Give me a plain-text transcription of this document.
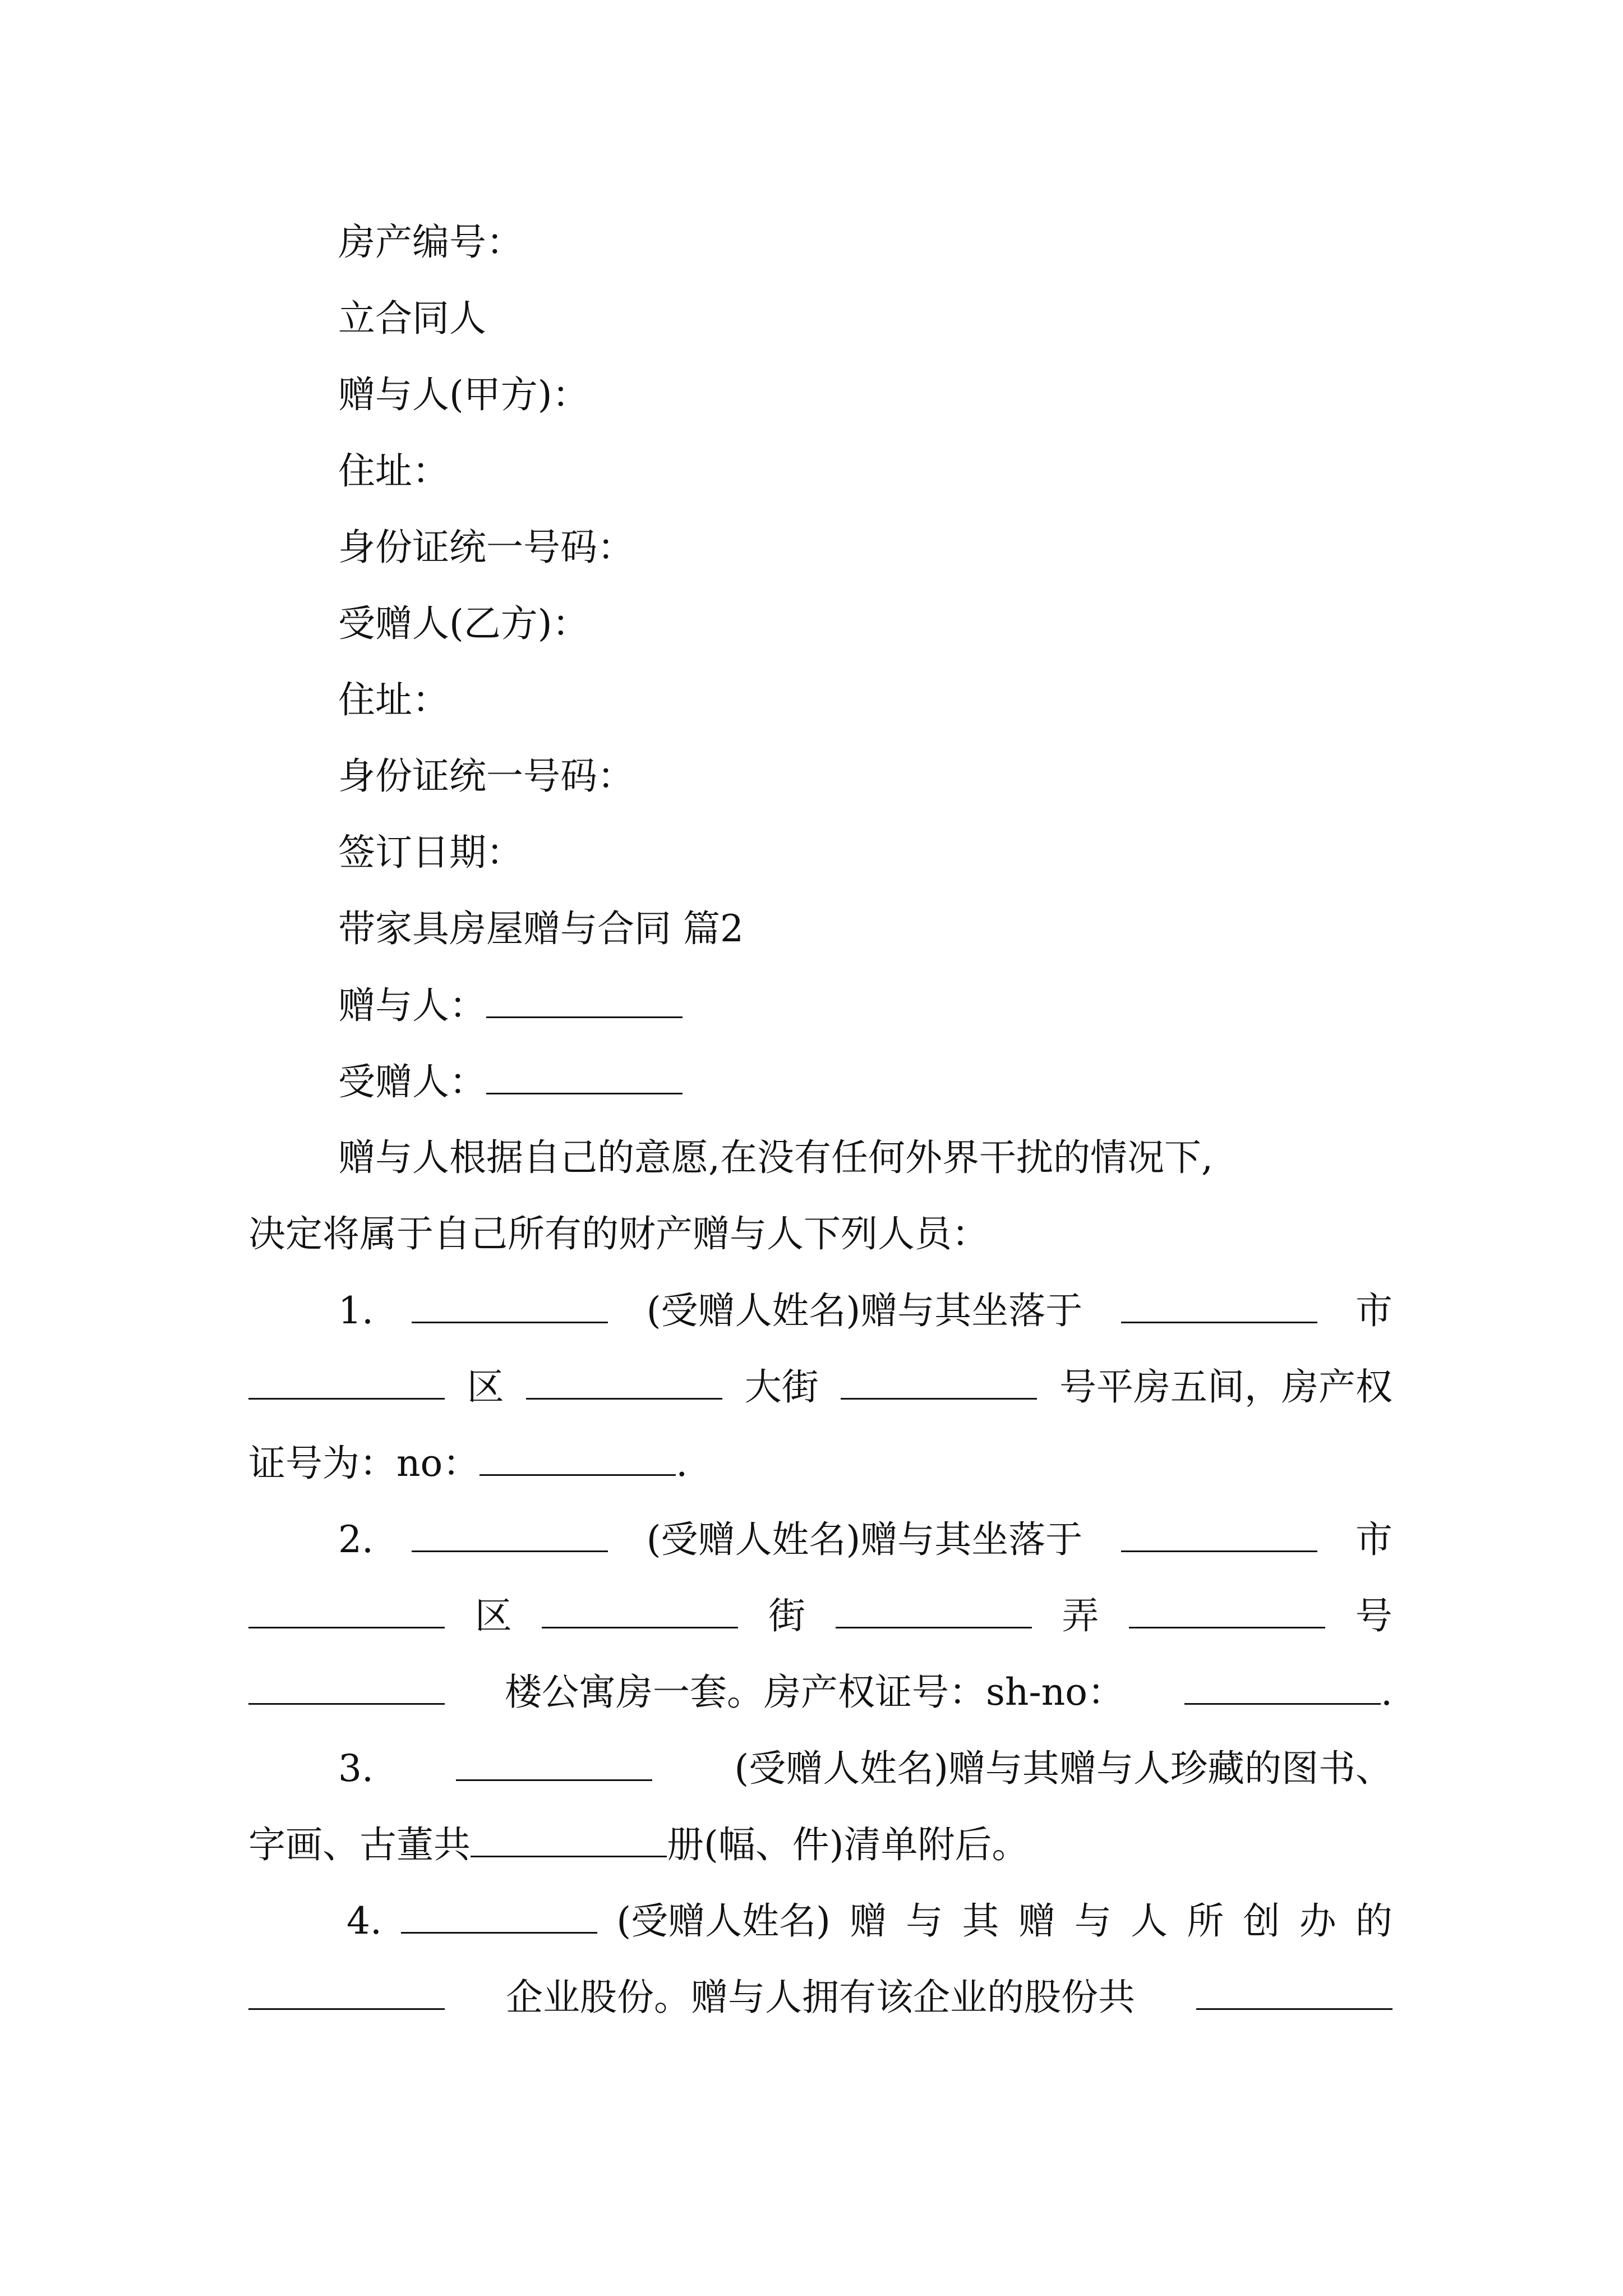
房产编号：
立合同人
赠与人(甲方)：
住址：
身份证统一号码：
受赠人(乙方)：
住址：
身份证统一号码：
签订日期：
带家具房屋赠与合同 篇2
赠与人：
受赠人：
赠与人根据自己的意愿,在没有任何外界干扰的情况下,
决定将属于自己所有的财产赠与人下列人员：
1.	(受赠人姓名)赠与其坐落于	市
区	大街	号平房五间，房产权
证号为：no：	.
2.	(受赠人姓名)赠与其坐落于	市
区	街	弄	号
楼公寓房一套。房产权证号：sh-no：	.
3.	(受赠人姓名)赠与其赠与人珍藏的图书、
字画、古董共	册(幅、件)清单附后。
4.	(受赠人姓名) 赠 与 其 赠 与 人 所 创 办 的
企业股份。赠与人拥有该企业的股份共
